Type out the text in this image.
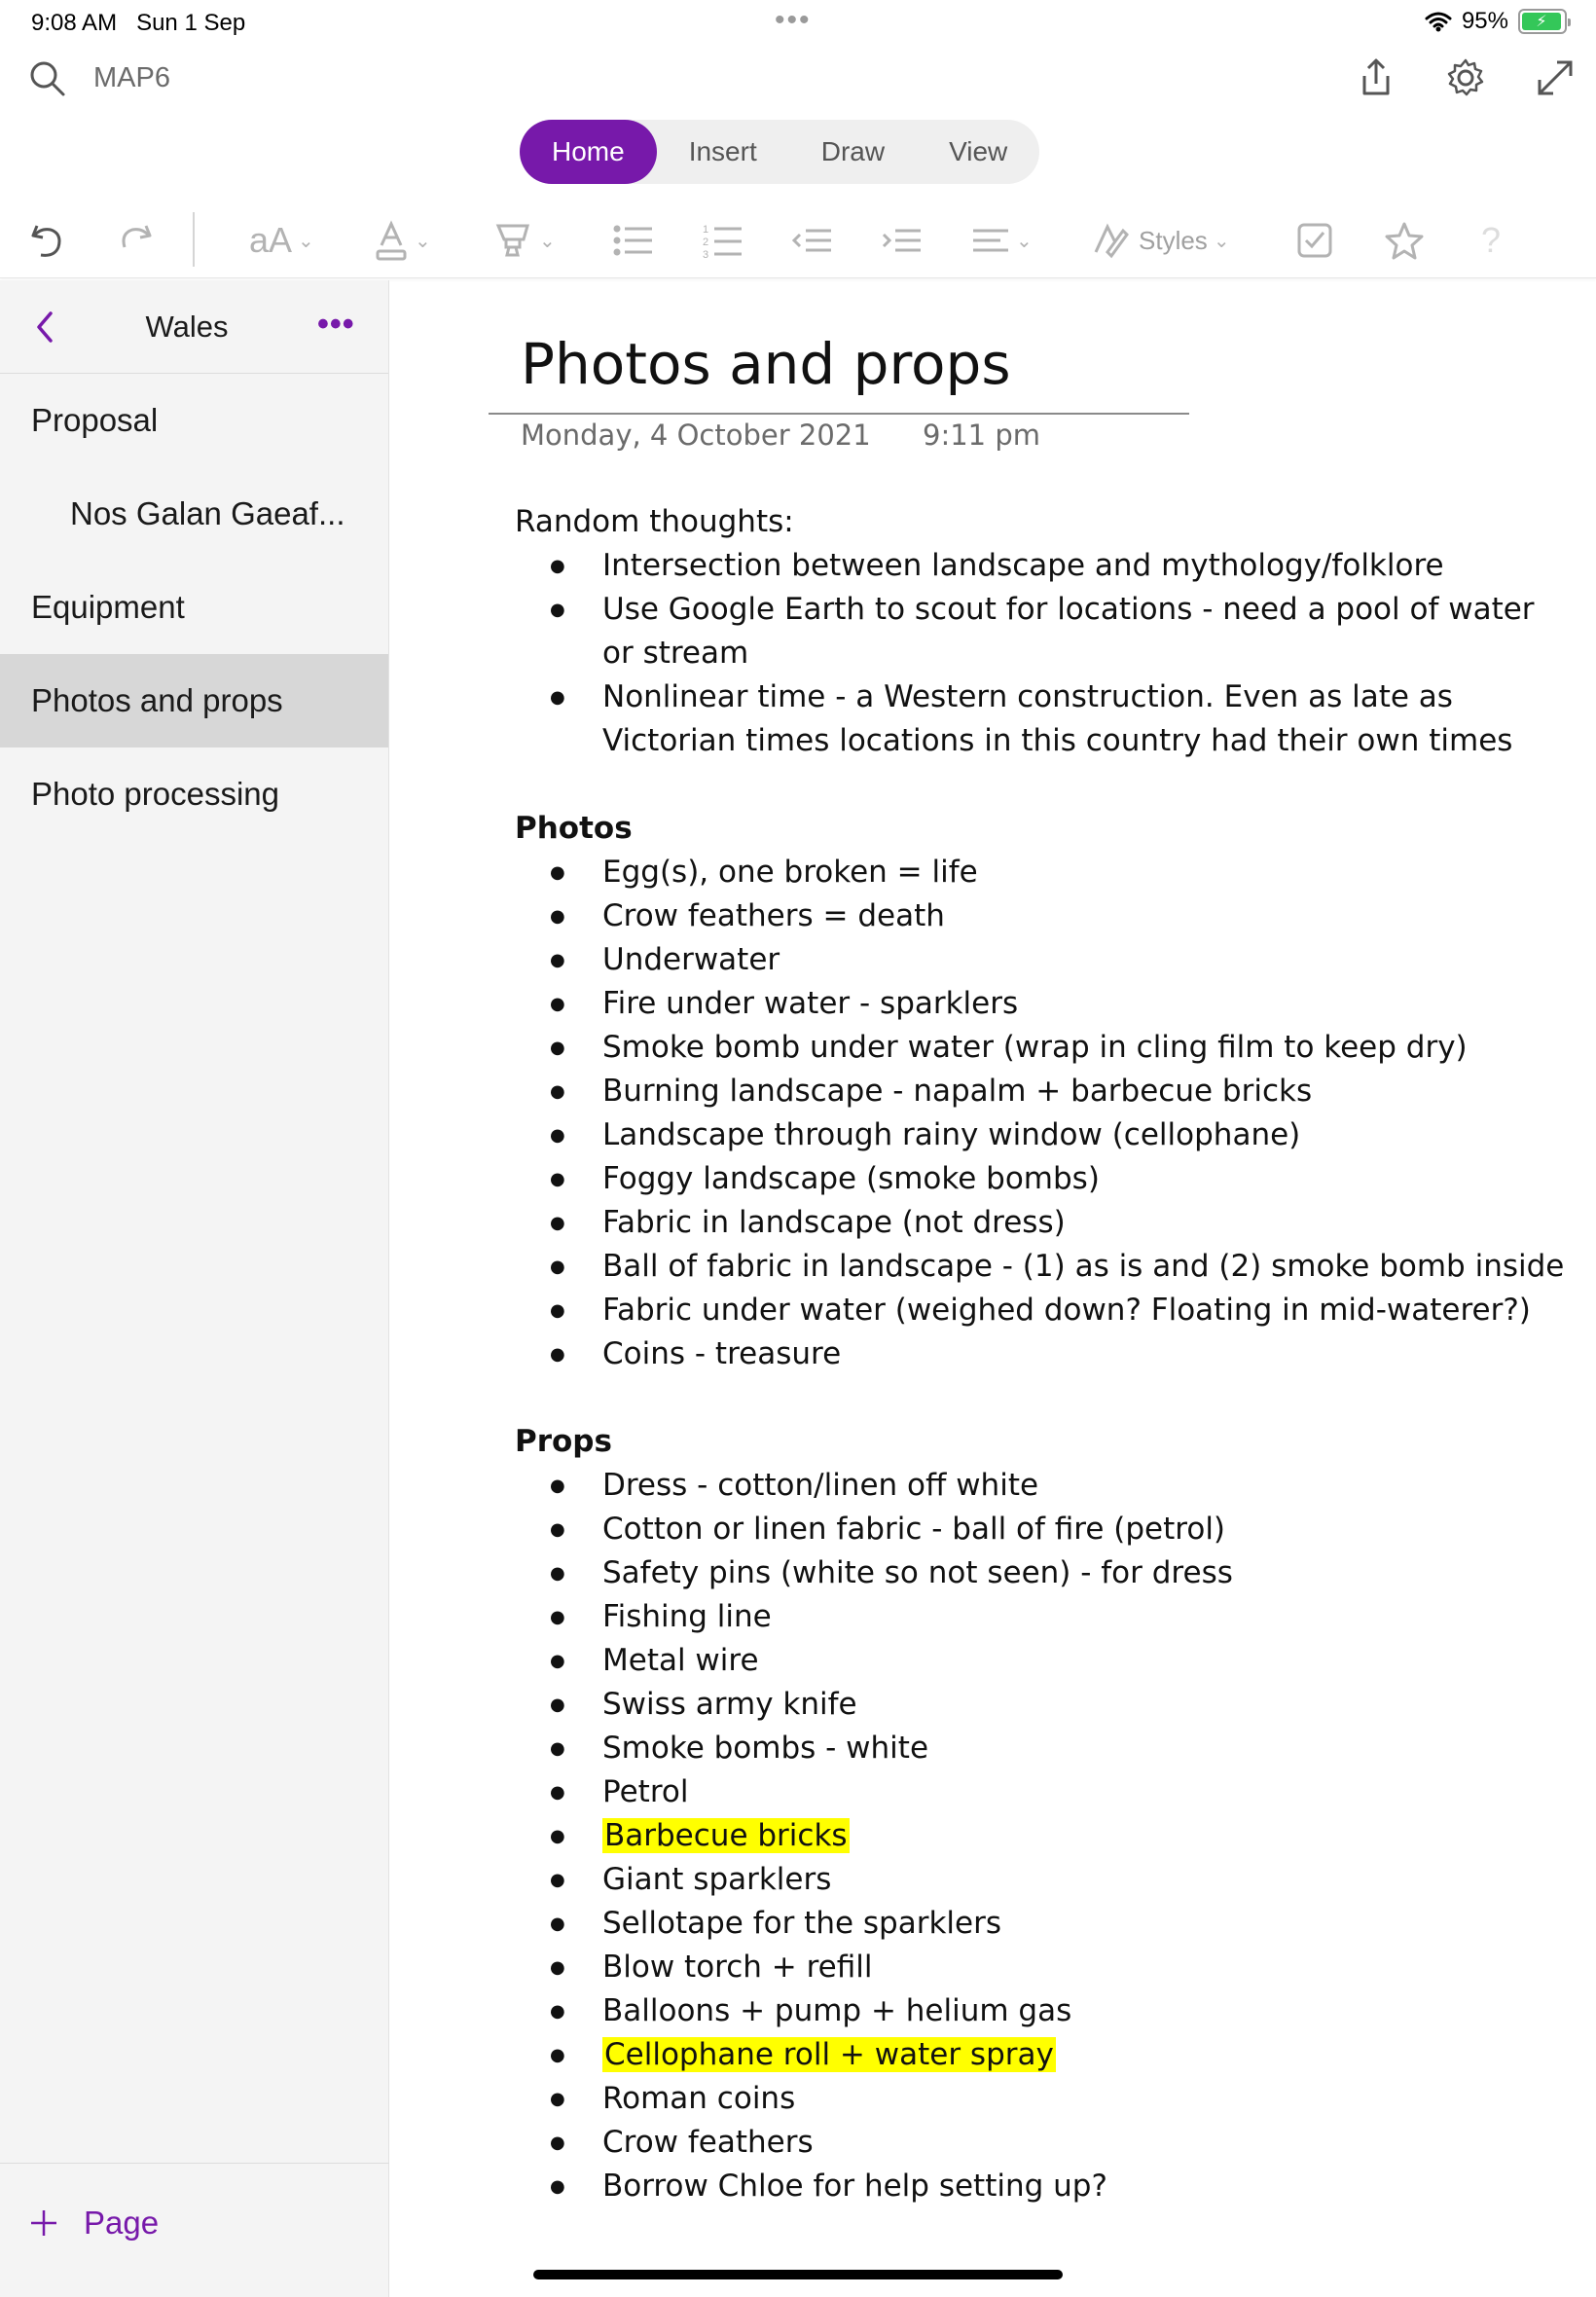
9:08 AM Sun 1 Sep	•••	95%	⚡
MAP6
Home	Insert	Draw	View
aA ⌄	⌄	⌄
1
2
3
⌄	Styles ⌄	?
Wales	•••
Proposal
Nos Galan Gaeaf...
Equipment
Photos and props
Photo processing
Page
Photos and props
Monday, 4 October 2021 9:11 pm
Random thoughts:
● Intersection between landscape and mythology/folklore
● Use Google Earth to scout for locations - need a pool of water or stream
● Nonlinear time - a Western construction. Even as late as Victorian times locations in this country had their own times
Photos
● Egg(s), one broken = life
● Crow feathers = death
● Underwater
● Fire under water - sparklers
● Smoke bomb under water (wrap in cling film to keep dry)
● Burning landscape - napalm + barbecue bricks
● Landscape through rainy window (cellophane)
● Foggy landscape (smoke bombs)
● Fabric in landscape (not dress)
● Ball of fabric in landscape - (1) as is and (2) smoke bomb inside
● Fabric under water (weighed down? Floating in mid-waterer?)
● Coins - treasure
Props
● Dress - cotton/linen off white
● Cotton or linen fabric - ball of fire (petrol)
● Safety pins (white so not seen) - for dress
● Fishing line
● Metal wire
● Swiss army knife
● Smoke bombs - white
● Petrol
● Barbecue bricks
● Giant sparklers
● Sellotape for the sparklers
● Blow torch + refill
● Balloons + pump + helium gas
● Cellophane roll + water spray
● Roman coins
● Crow feathers
● Borrow Chloe for help setting up?
